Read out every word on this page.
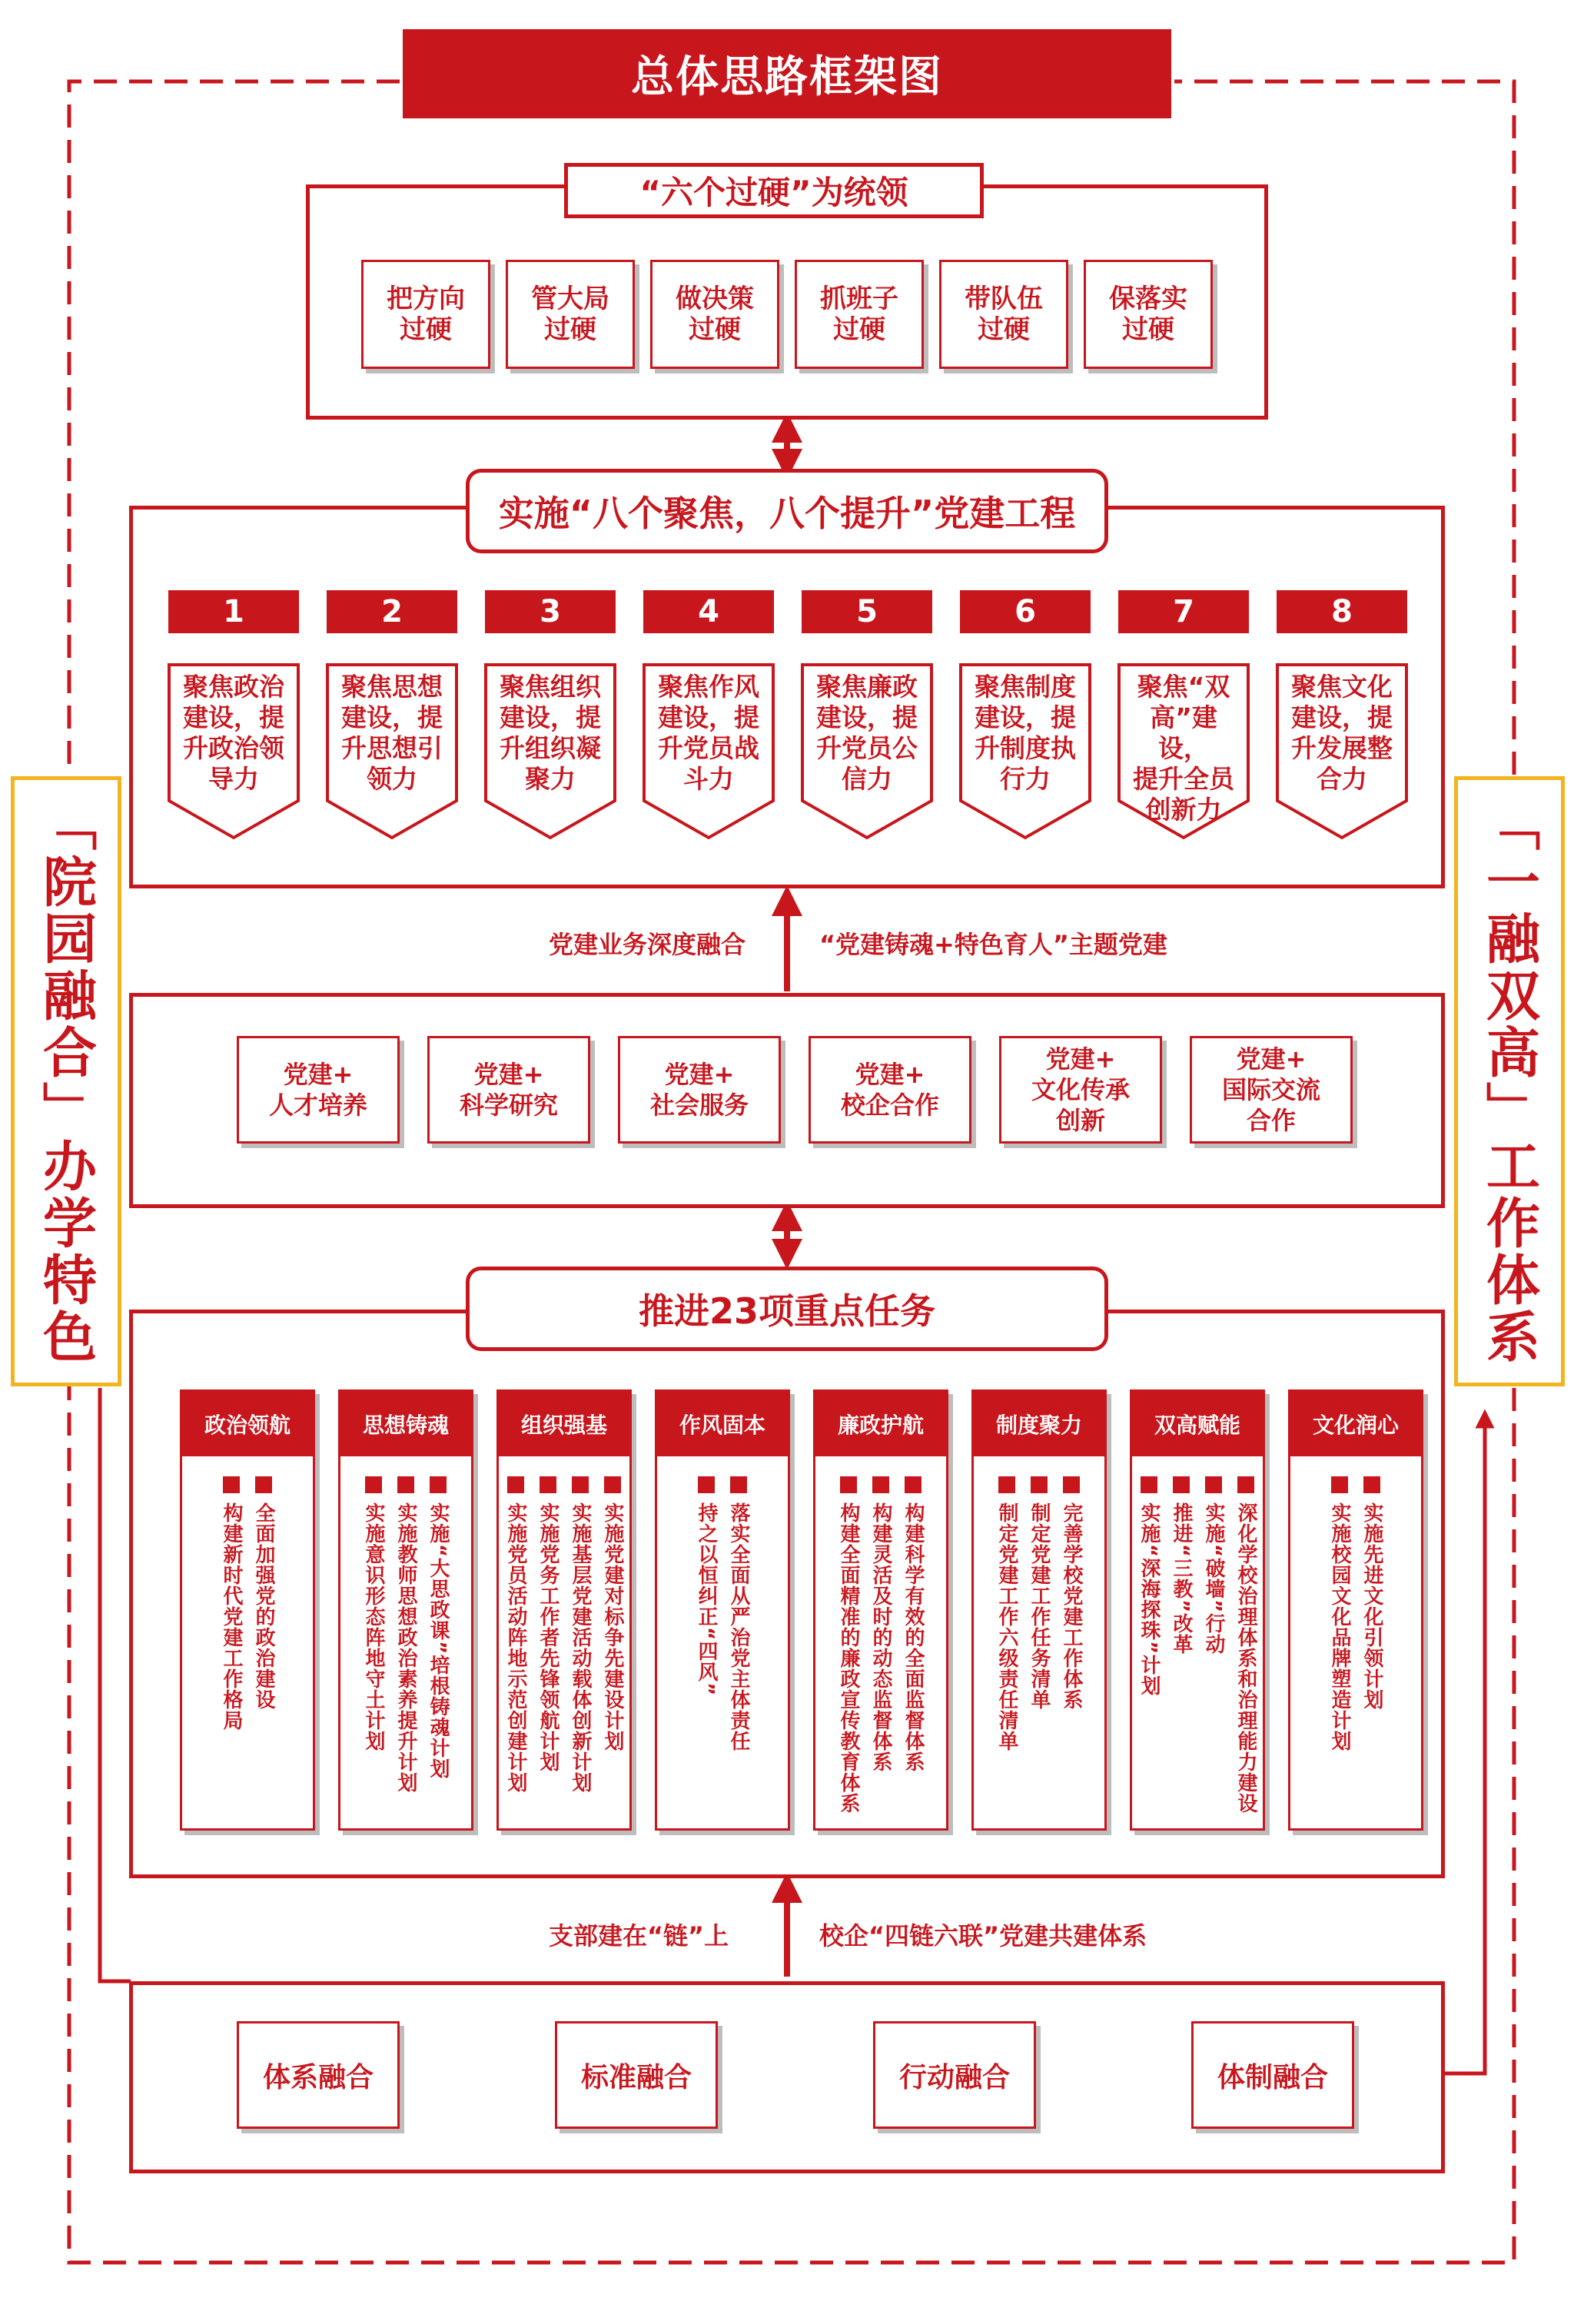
总体思路框架图
“六个过硬”为统领
实施“八个聚焦，八个提升”党建工程
党建业务深度融合	“党建铸魂+特色育人”主题党建
推进23项重点任务
支部建在“链”上	校企“四链六联”党建共建体系
「院园融合」办学特色	「一融双高」工作体系
把方向
过硬
管大局
过硬
做决策
过硬
抓班子
过硬
带队伍
过硬
保落实
过硬
1
聚焦政治
建设，提
升政治领
导力
2
聚焦思想
建设，提
升思想引
领力
3
聚焦组织
建设，提
升组织凝
聚力
4
聚焦作风
建设，提
升党员战
斗力
5
聚焦廉政
建设，提
升党员公
信力
6
聚焦制度
建设，提
升制度执
行力
7
聚焦“双
高”建设，
提升全员
创新力
8
聚焦文化
建设，提
升发展整
合力
党建+
人才培养
党建+
科学研究
党建+
社会服务
党建+
校企合作
党建+
文化传承
创新
党建+
国际交流
合作
政治领航
构建新时代党建工作格局 全面加强党的政治建设
思想铸魂
实施意识形态阵地守土计划 实施教师思想政治素养提升计划 实施“大思政课”培根铸魂计划
组织强基
实施党员活动阵地示范创建计划 实施党务工作者先锋领航计划 实施基层党建活动载体创新计划 实施党建对标争先建设计划
作风固本
持之以恒纠正“四风” 落实全面从严治党主体责任
廉政护航
构建全面精准的廉政宣传教育体系 构建灵活及时的动态监督体系 构建科学有效的全面监督体系
制度聚力
制定党建工作六级责任清单 制定党建工作任务清单 完善学校党建工作体系
双高赋能
实施“深海探珠”计划 推进“三教”改革 实施“破墙”行动 深化学校治理体系和治理能力建设
文化润心
实施校园文化品牌塑造计划 实施先进文化引领计划
体系融合	标准融合	行动融合	体制融合
